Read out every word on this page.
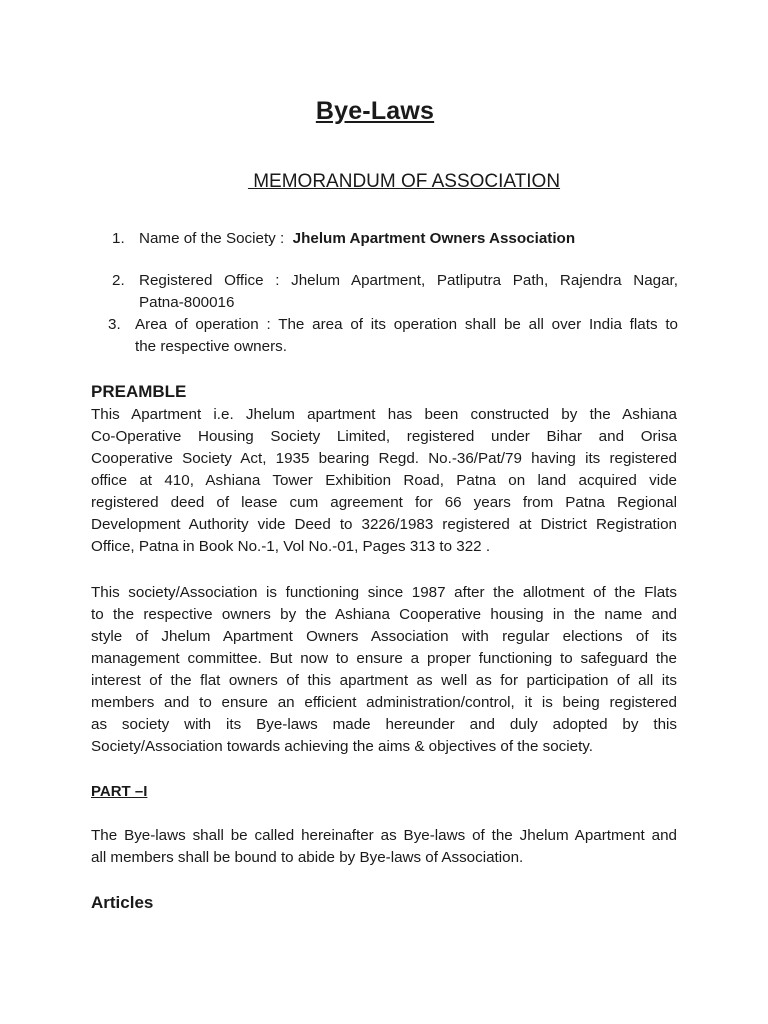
Bye-Laws
MEMORANDUM OF ASSOCIATION
1. Name of the Society : Jhelum Apartment Owners Association
2. Registered Office : Jhelum Apartment, Patliputra Path, Rajendra Nagar,
Patna-800016
3. Area of operation : The area of its operation shall be all over India flats to
the respective owners.
PREAMBLE
This Apartment i.e. Jhelum apartment has been constructed by the Ashiana
Co-Operative Housing Society Limited, registered under Bihar and Orisa
Cooperative Society Act, 1935 bearing Regd. No.-36/Pat/79 having its registered
office at 410, Ashiana Tower Exhibition Road, Patna on land acquired vide
registered deed of lease cum agreement for 66 years from Patna Regional
Development Authority vide Deed to 3226/1983 registered at District Registration
Office, Patna in Book No.-1, Vol No.-01, Pages 313 to 322 .
This society/Association is functioning since 1987 after the allotment of the Flats
to the respective owners by the Ashiana Cooperative housing in the name and
style of Jhelum Apartment Owners Association with regular elections of its
management committee. But now to ensure a proper functioning to safeguard the
interest of the flat owners of this apartment as well as for participation of all its
members and to ensure an efficient administration/control, it is being registered
as society with its Bye-laws made hereunder and duly adopted by this
Society/Association towards achieving the aims & objectives of the society.
PART –I
The Bye-laws shall be called hereinafter as Bye-laws of the Jhelum Apartment and
all members shall be bound to abide by Bye-laws of Association.
Articles
